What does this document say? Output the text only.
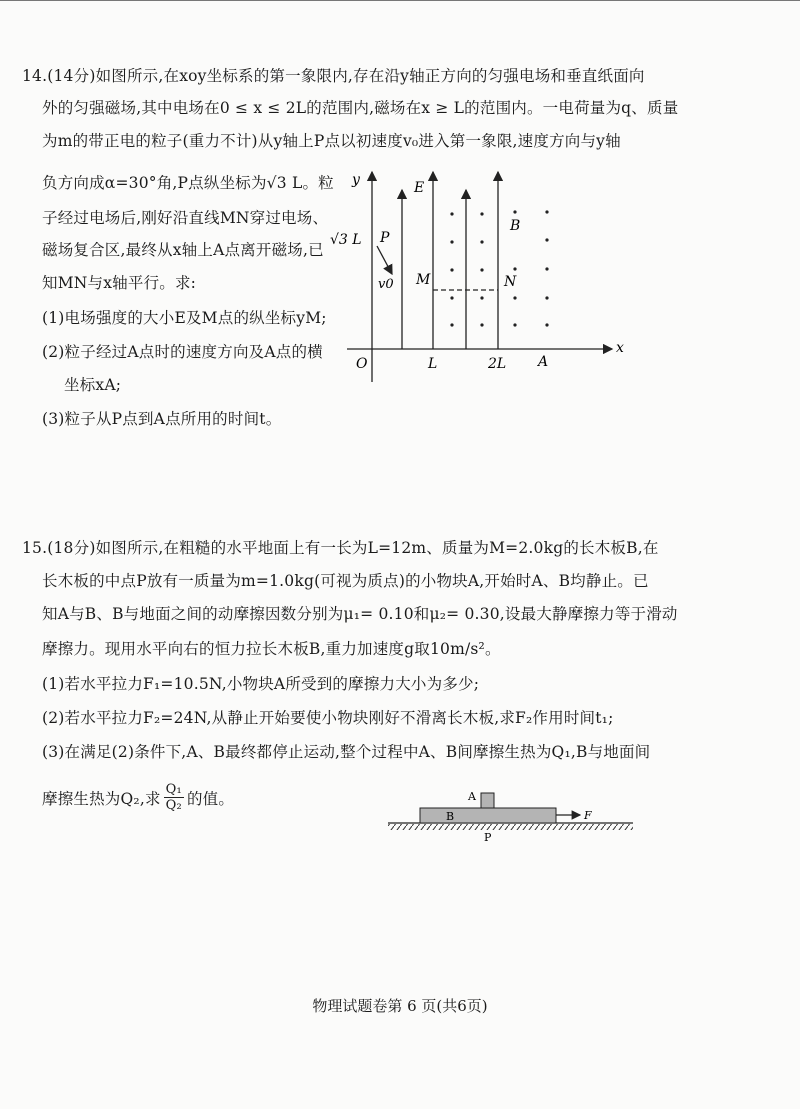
14.(14分)如图所示,在xoy坐标系的第一象限内,存在沿y轴正方向的匀强电场和垂直纸面向
外的匀强磁场,其中电场在0 ≤ x ≤ 2L的范围内,磁场在x ≥ L的范围内。一电荷量为q、质量
为m的带正电的粒子(重力不计)从y轴上P点以初速度v₀进入第一象限,速度方向与y轴
负方向成α=30°角,P点纵坐标为√3 L。粒
子经过电场后,刚好沿直线MN穿过电场、
磁场复合区,最终从x轴上A点离开磁场,已
知MN与x轴平行。求:
(1)电场强度的大小E及M点的纵坐标yM;
(2)粒子经过A点时的速度方向及A点的横
坐标xA;
(3)粒子从P点到A点所用的时间t。
y
x
O
E
B
M	N
√3 L P
v0
L	2L A
15.(18分)如图所示,在粗糙的水平地面上有一长为L=12m、质量为M=2.0kg的长木板B,在
长木板的中点P放有一质量为m=1.0kg(可视为质点)的小物块A,开始时A、B均静止。已
知A与B、B与地面之间的动摩擦因数分别为μ₁= 0.10和μ₂= 0.30,设最大静摩擦力等于滑动
摩擦力。现用水平向右的恒力拉长木板B,重力加速度g取10m/s²。
(1)若水平拉力F₁=10.5N,小物块A所受到的摩擦力大小为多少;
(2)若水平拉力F₂=24N,从静止开始要使小物块刚好不滑离长木板,求F₂作用时间t₁;
(3)在满足(2)条件下,A、B最终都停止运动,整个过程中A、B间摩擦生热为Q₁,B与地面间
摩擦生热为Q₂,求 $\frac{\text{Q₁}}{\text{Q₂}}$ 的值。
B
A
P
F
物理试题卷第 6 页(共6页)
